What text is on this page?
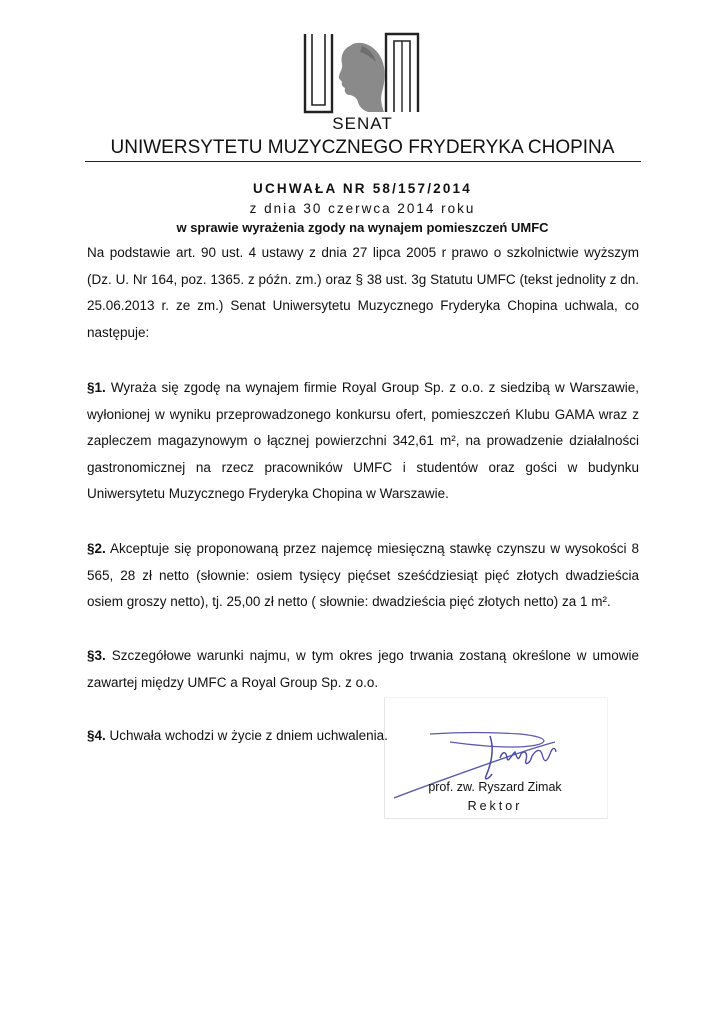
SENAT
UNIWERSYTETU MUZYCZNEGO FRYDERYKA CHOPINA
UCHWAŁA NR 58/157/2014
z dnia 30 czerwca 2014 roku
w sprawie wyrażenia zgody na wynajem pomieszczeń UMFC

Na podstawie art. 90 ust. 4 ustawy z dnia 27 lipca 2005 r prawo o szkolnictwie wyższym (Dz. U. Nr 164, poz. 1365. z późn. zm.) oraz § 38 ust. 3g Statutu UMFC (tekst jednolity z dn. 25.06.2013 r. ze zm.) Senat Uniwersytetu Muzycznego Fryderyka Chopina uchwala, co następuje:

§1. Wyraża się zgodę na wynajem firmie Royal Group Sp. z o.o. z siedzibą w Warszawie, wyłonionej w wyniku przeprowadzonego konkursu ofert, pomieszczeń Klubu GAMA wraz z zapleczem magazynowym o łącznej powierzchni 342,61 m², na prowadzenie działalności gastronomicznej na rzecz pracowników UMFC i studentów oraz gości w budynku Uniwersytetu Muzycznego Fryderyka Chopina w Warszawie.

§2. Akceptuje się proponowaną przez najemcę miesięczną stawkę czynszu w wysokości 8 565, 28 zł netto (słownie: osiem tysięcy pięćset sześćdziesiąt pięć złotych dwadzieścia osiem groszy netto), tj. 25,00 zł netto ( słownie: dwadzieścia pięć złotych netto) za 1 m².

§3. Szczegółowe warunki najmu, w tym okres jego trwania zostaną określone w umowie zawartej między UMFC a Royal Group Sp. z o.o.

§4. Uchwała wchodzi w życie z dniem uchwalenia.

prof. zw. Ryszard Zimak
Rektor
